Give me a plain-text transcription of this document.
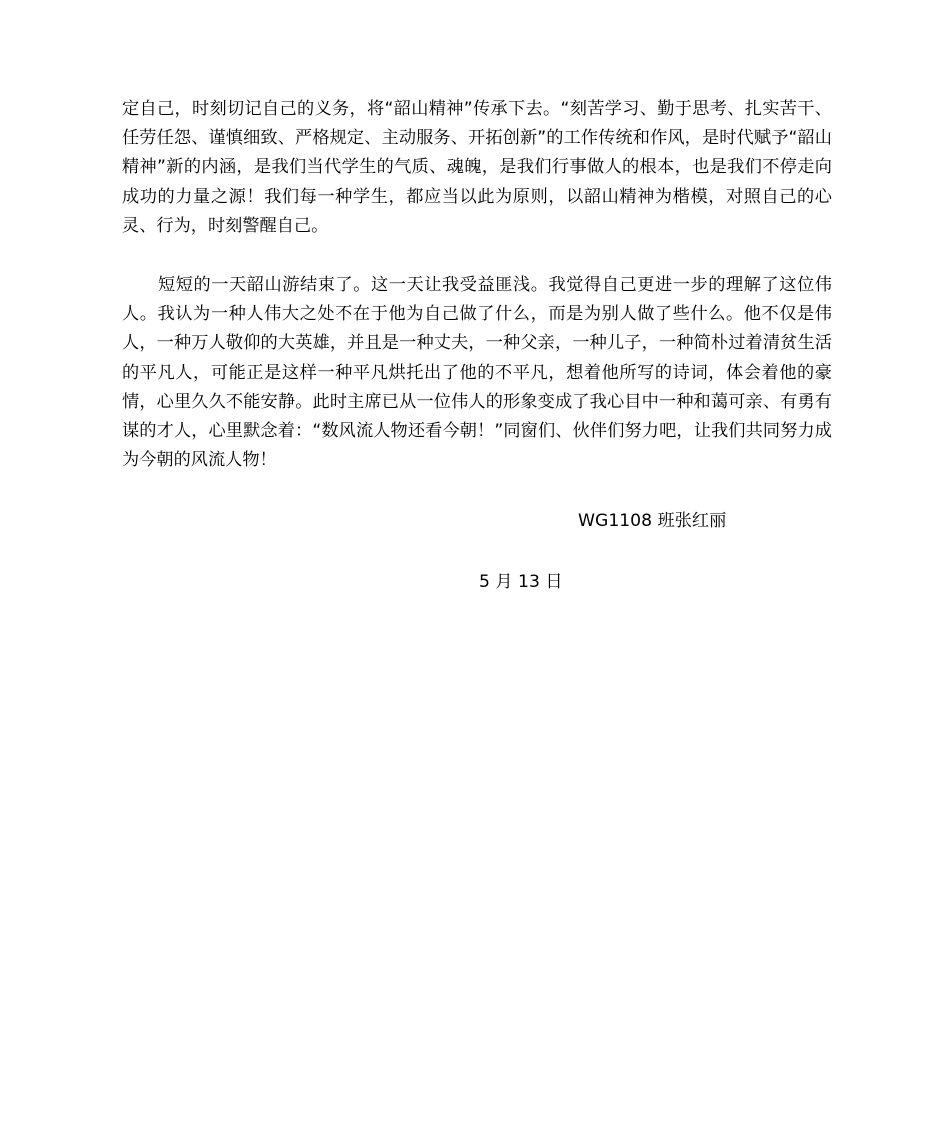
定自己，时刻切记自己的义务，将“韶山精神”传承下去。“刻苦学习、勤于思考、扎实苦干、任劳任怨、谨慎细致、严格规定、主动服务、开拓创新”的工作传统和作风，是时代赋予“韶山精神”新的内涵，是我们当代学生的气质、魂魄，是我们行事做人的根本，也是我们不停走向成功的力量之源！我们每一种学生，都应当以此为原则，以韶山精神为楷模，对照自己的心灵、行为，时刻警醒自己。

短短的一天韶山游结束了。这一天让我受益匪浅。我觉得自己更进一步的理解了这位伟人。我认为一种人伟大之处不在于他为自己做了什么，而是为别人做了些什么。他不仅是伟人，一种万人敬仰的大英雄，并且是一种丈夫，一种父亲，一种儿子，一种简朴过着清贫生活的平凡人，可能正是这样一种平凡烘托出了他的不平凡，想着他所写的诗词，体会着他的豪情，心里久久不能安静。此时主席已从一位伟人的形象变成了我心目中一种和蔼可亲、有勇有谋的才人，心里默念着：“数风流人物还看今朝！”同窗们、伙伴们努力吧，让我们共同努力成为今朝的风流人物！

WG1108 班张红丽

5 月 13 日
